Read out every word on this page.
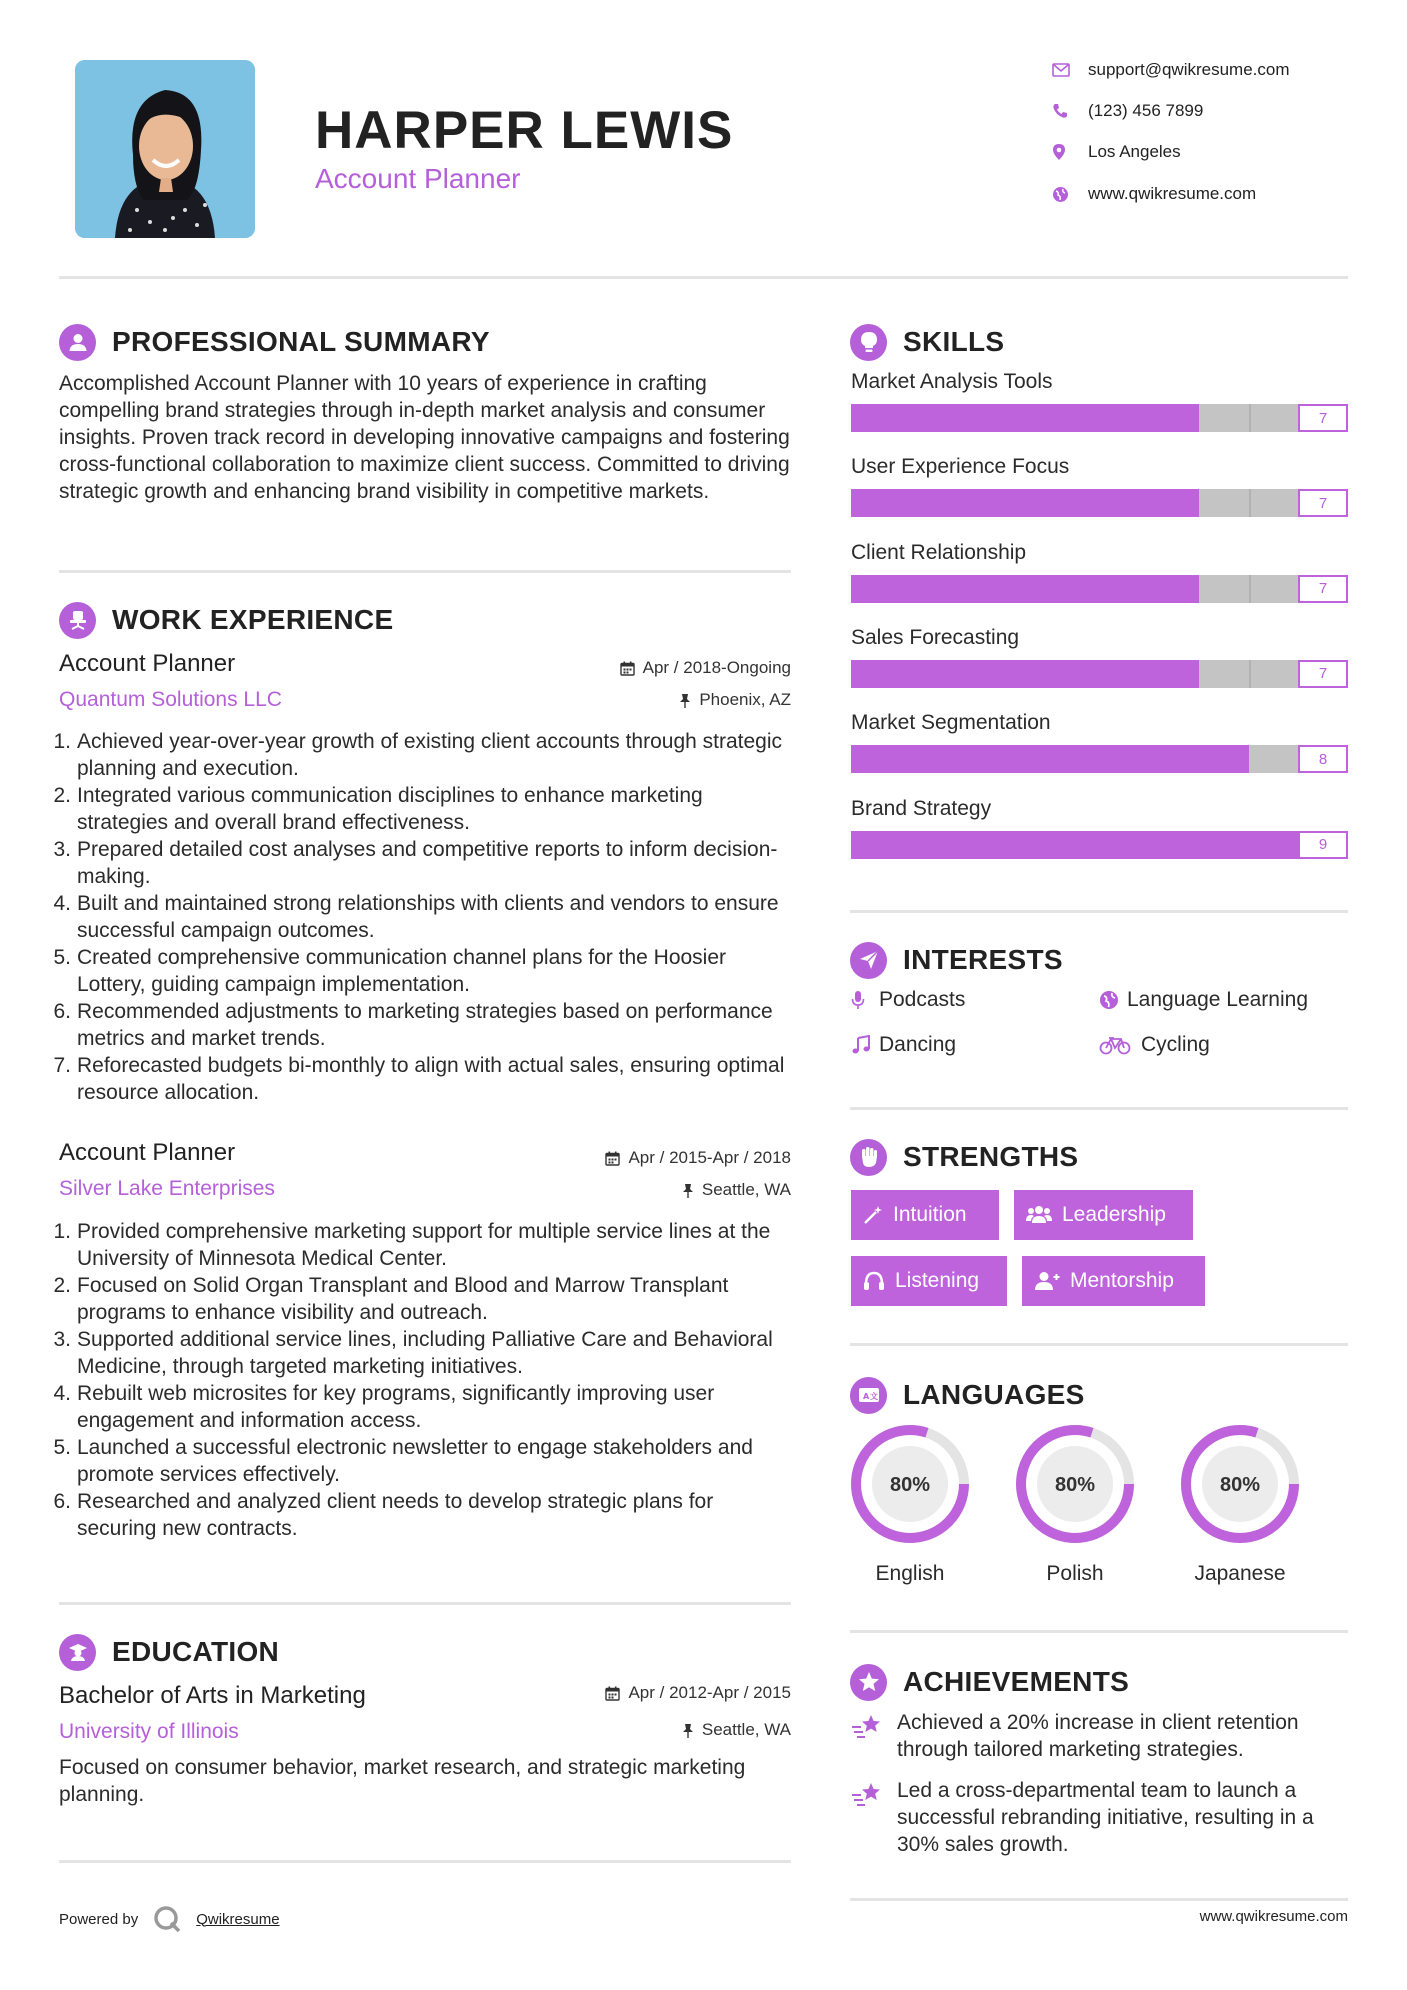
HARPER LEWIS
Account Planner
support@qwikresume.com
(123) 456 7899
Los Angeles
www.qwikresume.com
PROFESSIONAL SUMMARY
Accomplished Account Planner with 10 years of experience in crafting compelling brand strategies through in-depth market analysis and consumer insights. Proven track record in developing innovative campaigns and fostering cross-functional collaboration to maximize client success. Committed to driving strategic growth and enhancing brand visibility in competitive markets.
WORK EXPERIENCE
Account Planner
Quantum Solutions LLC
Apr / 2018-Ongoing
Phoenix, AZ
1. Achieved year-over-year growth of existing client accounts through strategic planning and execution.
2. Integrated various communication disciplines to enhance marketing strategies and overall brand effectiveness.
3. Prepared detailed cost analyses and competitive reports to inform decision-making.
4. Built and maintained strong relationships with clients and vendors to ensure successful campaign outcomes.
5. Created comprehensive communication channel plans for the Hoosier Lottery, guiding campaign implementation.
6. Recommended adjustments to marketing strategies based on performance metrics and market trends.
7. Reforecasted budgets bi-monthly to align with actual sales, ensuring optimal resource allocation.
Account Planner
Silver Lake Enterprises
Apr / 2015-Apr / 2018
Seattle, WA
1. Provided comprehensive marketing support for multiple service lines at the University of Minnesota Medical Center.
2. Focused on Solid Organ Transplant and Blood and Marrow Transplant programs to enhance visibility and outreach.
3. Supported additional service lines, including Palliative Care and Behavioral Medicine, through targeted marketing initiatives.
4. Rebuilt web microsites for key programs, significantly improving user engagement and information access.
5. Launched a successful electronic newsletter to engage stakeholders and promote services effectively.
6. Researched and analyzed client needs to develop strategic plans for securing new contracts.
EDUCATION
Bachelor of Arts in Marketing
University of Illinois
Apr / 2012-Apr / 2015
Seattle, WA
Focused on consumer behavior, market research, and strategic marketing planning.
SKILLS
Market Analysis Tools
7
User Experience Focus
7
Client Relationship
7
Sales Forecasting
7
Market Segmentation
8
Brand Strategy
9
INTERESTS
Podcasts	Language Learning
Dancing	Cycling
STRENGTHS
Intuition	Leadership
Listening	Mentorship
A 文 LANGUAGES
80%
English
80%
Polish
80%
Japanese
ACHIEVEMENTS
Achieved a 20% increase in client retention through tailored marketing strategies.
Led a cross-departmental team to launch a successful rebranding initiative, resulting in a 30% sales growth.
Powered by	Qwikresume	www.qwikresume.com
